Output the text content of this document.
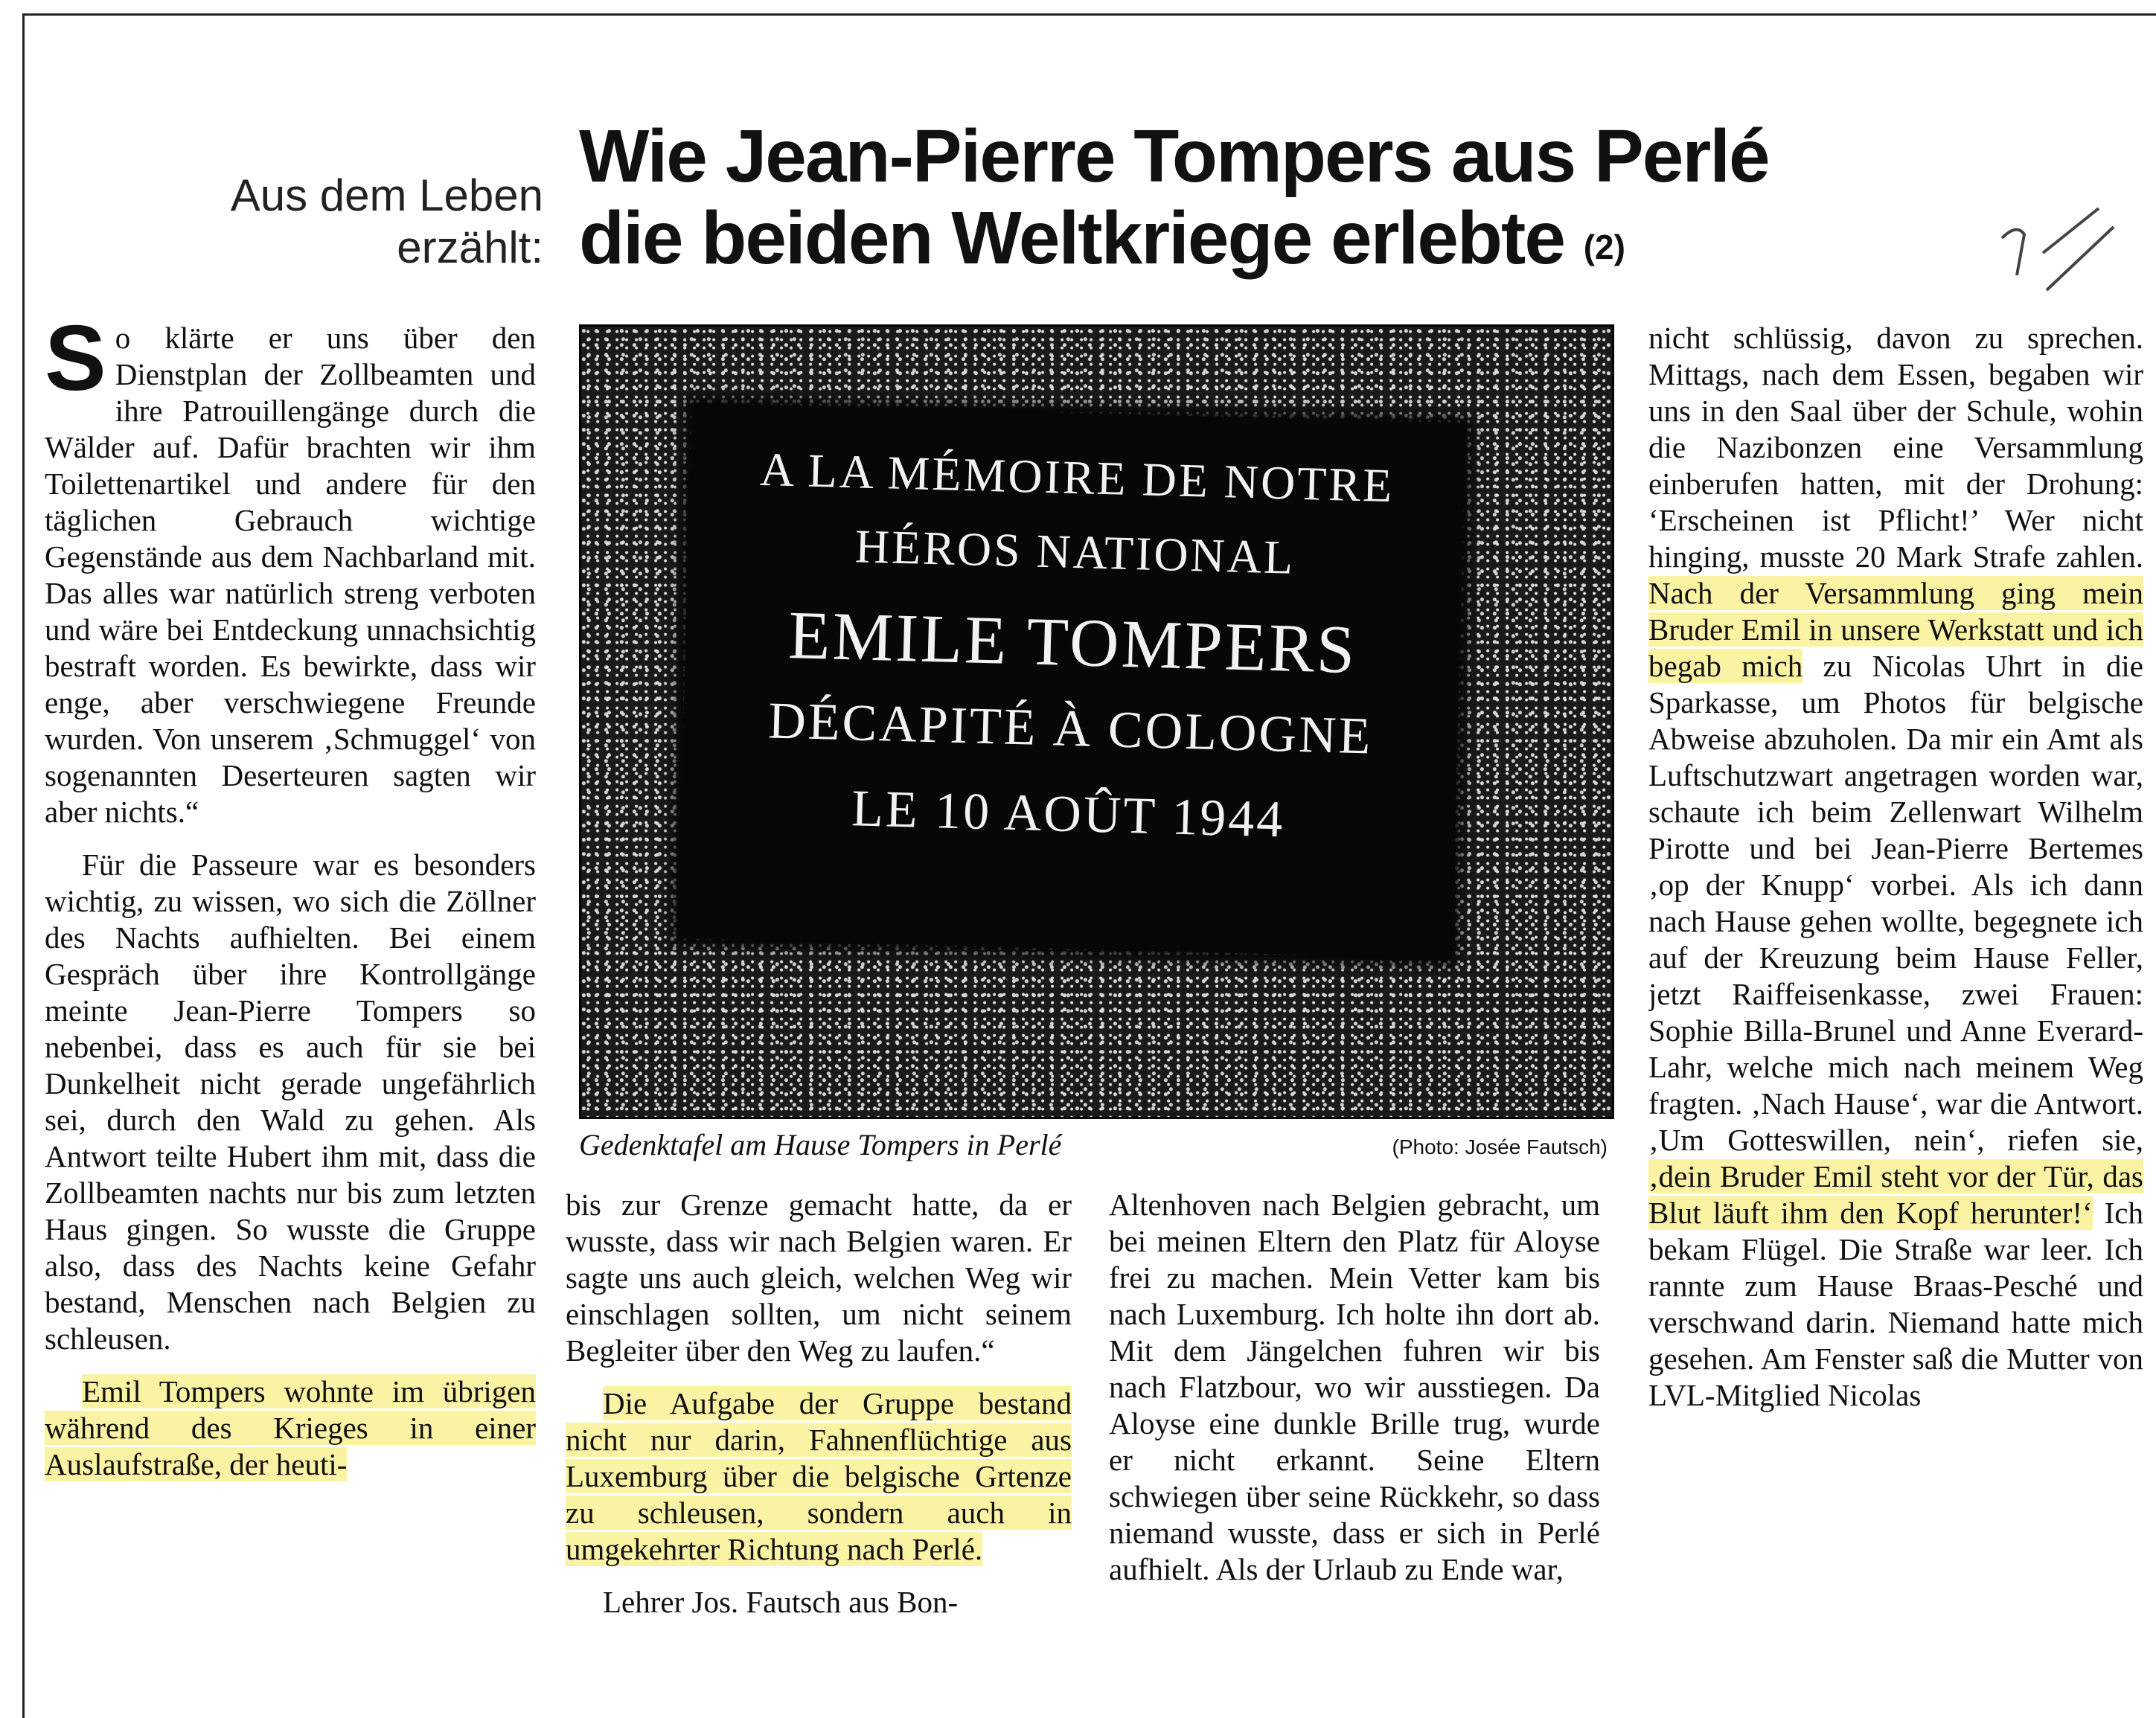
Aus dem Leben
erzählt:
Wie Jean-Pierre Tompers aus Perlé
die beiden Weltkriege erlebte (2)

So klärte er uns über den Dienstplan der Zollbeamten und ihre Patrouillengänge durch die Wälder auf. Dafür brachten wir ihm Toilettenartikel und andere für den täglichen Gebrauch wichtige Gegenstände aus dem Nachbarland mit. Das alles war natürlich streng verboten und wäre bei Entdeckung unnachsichtig bestraft worden. Es bewirkte, dass wir enge, aber verschwiegene Freunde wurden. Von unserem ‚Schmuggel‘ von sogenannten Deserteuren sagten wir aber nichts.“

Für die Passeure war es besonders wichtig, zu wissen, wo sich die Zöllner des Nachts aufhielten. Bei einem Gespräch über ihre Kontrollgänge meinte Jean-Pierre Tompers so nebenbei, dass es auch für sie bei Dunkelheit nicht gerade ungefährlich sei, durch den Wald zu gehen. Als Antwort teilte Hubert ihm mit, dass die Zollbeamten nachts nur bis zum letzten Haus gingen. So wusste die Gruppe also, dass des Nachts keine Gefahr bestand, Menschen nach Belgien zu schleusen.

Emil Tompers wohnte im übrigen während des Krieges in einer Auslaufstraße, der heuti-

A LA MÉMOIRE DE NOTRE
HÉROS NATIONAL
EMILE TOMPERS
DÉCAPITÉ À COLOGNE
LE 10 AOÛT 1944
Gedenktafel am Hause Tompers in Perlé	(Photo: Josée Fautsch)

bis zur Grenze gemacht hatte, da er wusste, dass wir nach Belgien waren. Er sagte uns auch gleich, welchen Weg wir einschlagen sollten, um nicht seinem Begleiter über den Weg zu laufen.“

Die Aufgabe der Gruppe bestand nicht nur darin, Fahnenflüchtige aus Luxemburg über die belgische Grtenze zu schleusen, sondern auch in umgekehrter Richtung nach Perlé.

Lehrer Jos. Fautsch aus Bon-

Altenhoven nach Belgien gebracht, um bei meinen Eltern den Platz für Aloyse frei zu machen. Mein Vetter kam bis nach Luxemburg. Ich holte ihn dort ab. Mit dem Jängelchen fuhren wir bis nach Flatzbour, wo wir ausstiegen. Da Aloyse eine dunkle Brille trug, wurde er nicht erkannt. Seine Eltern schwiegen über seine Rückkehr, so dass niemand wusste, dass er sich in Perlé aufhielt. Als der Urlaub zu Ende war,

nicht schlüssig, davon zu sprechen. Mittags, nach dem Essen, begaben wir uns in den Saal über der Schule, wohin die Nazibonzen eine Versammlung einberufen hatten, mit der Drohung: ‘Erscheinen ist Pflicht!’ Wer nicht hinging, musste 20 Mark Strafe zahlen. Nach der Versammlung ging mein Bruder Emil in unsere Werkstatt und ich begab mich zu Nicolas Uhrt in die Sparkasse, um Photos für belgische Abweise abzuholen. Da mir ein Amt als Luftschutzwart angetragen worden war, schaute ich beim Zellenwart Wilhelm Pirotte und bei Jean-Pierre Bertemes ‚op der Knupp‘ vorbei. Als ich dann nach Hause gehen wollte, begegnete ich auf der Kreuzung beim Hause Feller, jetzt Raiffeisenkasse, zwei Frauen: Sophie Billa-Brunel und Anne Everard-Lahr, welche mich nach meinem Weg fragten. ‚Nach Hause‘, war die Antwort. ‚Um Gotteswillen, nein‘, riefen sie, ‚dein Bruder Emil steht vor der Tür, das Blut läuft ihm den Kopf herunter!‘ Ich bekam Flügel. Die Straße war leer. Ich rannte zum Hause Braas-Pesché und verschwand darin. Niemand hatte mich gesehen. Am Fenster saß die Mutter von LVL-Mitglied Nicolas
